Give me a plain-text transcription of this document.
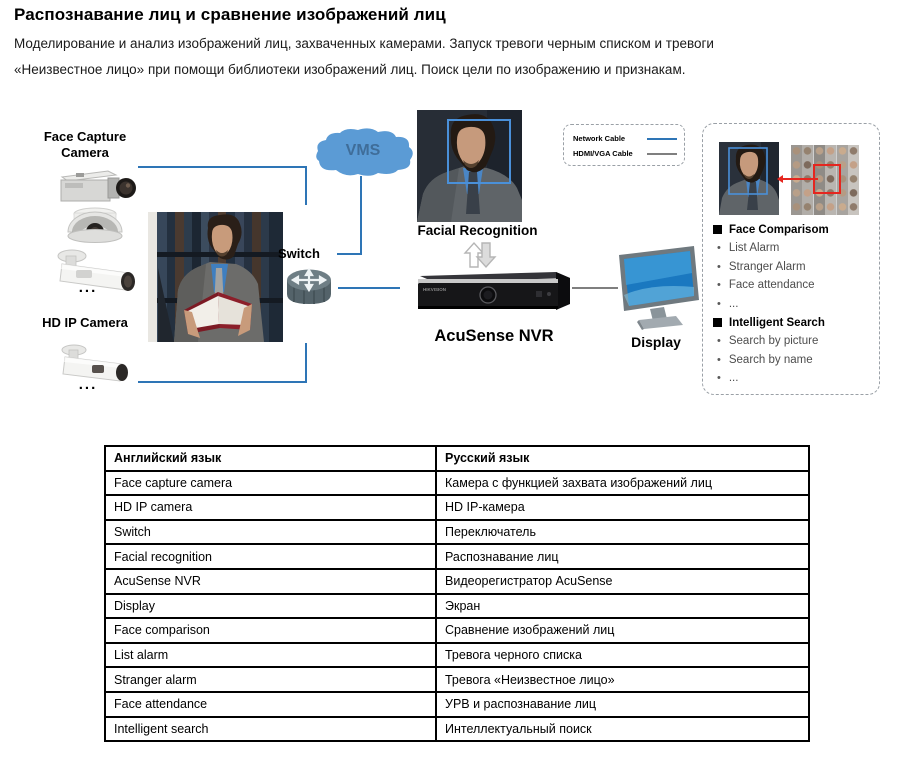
Распознавание лиц и сравнение изображений лиц
Моделирование и анализ изображений лиц, захваченных камерами. Запуск тревоги черным списком и тревоги
«Неизвестное лицо» при помощи библиотеки изображений лиц. Поиск цели по изображению и признакам.
Face Capture Camera
...
HD IP Camera
...
VMS
Switch
Facial Recognition
HIKVISION
AcuSense NVR	Display
Network Cable
HDMI/VGA Cable
Face Comparisom
• List Alarm
• Stranger Alarm
• Face attendance
• ...
Intelligent Search
• Search by picture
• Search by name
• ...
Английский язык	Русский язык
Face capture camera	Камера с функцией захвата изображений лиц
HD IP camera	HD IP-камера
Switch	Переключатель
Facial recognition	Распознавание лиц
AcuSense NVR	Видеорегистратор AcuSense
Display	Экран
Face comparison	Сравнение изображений лиц
List alarm	Тревога черного списка
Stranger alarm	Тревога «Неизвестное лицо»
Face attendance	УРВ и распознавание лиц
Intelligent search	Интеллектуальный поиск
